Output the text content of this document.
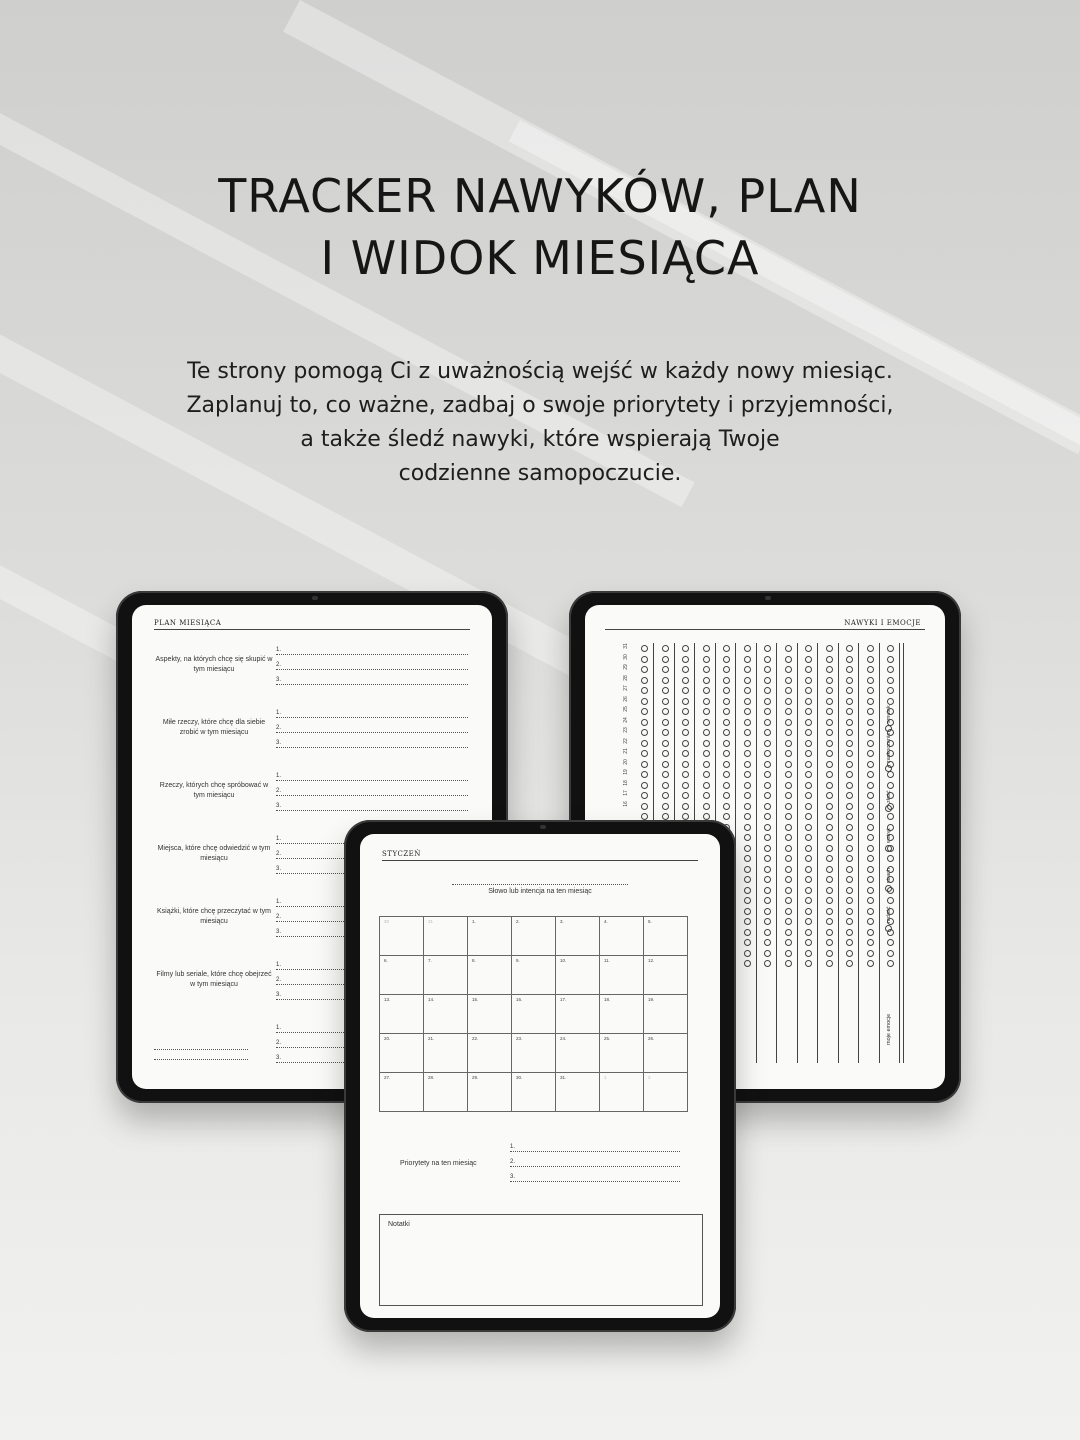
TRACKER NAWYKÓW, PLAN
I WIDOK MIESIĄCA
Te strony pomogą Ci z uważnością wejść w każdy nowy miesiąc.
Zaplanuj to, co ważne, zadbaj o swoje priorytety i przyjemności,
a także śledź nawyki, które wspierają Twoje
codzienne samopoczucie.
PLAN MIESIĄCA
Aspekty, na których chcę się skupić w tym miesiącu
1.
2.
3.
Miłe rzeczy, które chcę dla siebie zrobić w tym miesiącu
1.
2.
3.
Rzeczy, których chcę spróbować w tym miesiącu
1.
2.
3.
Miejsca, które chcę odwiedzić w tym miesiącu
1.
2.
3.
Książki, które chcę przeczytać w tym miesiącu
1.
2.
3.
Filmy lub seriale, które chcę obejrzeć w tym miesiącu
1.
2.
3.
1.
2.
3.
NAWYKI I EMOCJE
31
30
29
28
27
26
25
24
23
22
21
20
19
18
17
16
smutek
zaskoczenie
złość
wstręt
strach
radość
moje emocje
STYCZEŃ
Słowo lub intencja na ten miesiąc
30	31	1.	2.	3.	4.	5.
6.	7.	8.	9.	10.	11.	12.
13.	14.	15.	16.	17.	18.	19.
20.	21.	22.	23.	24.	25.	26.
27.	28.	29.	30.	31.	1	2
Priorytety na ten miesiąc
1.
2.
3.
Notatki
